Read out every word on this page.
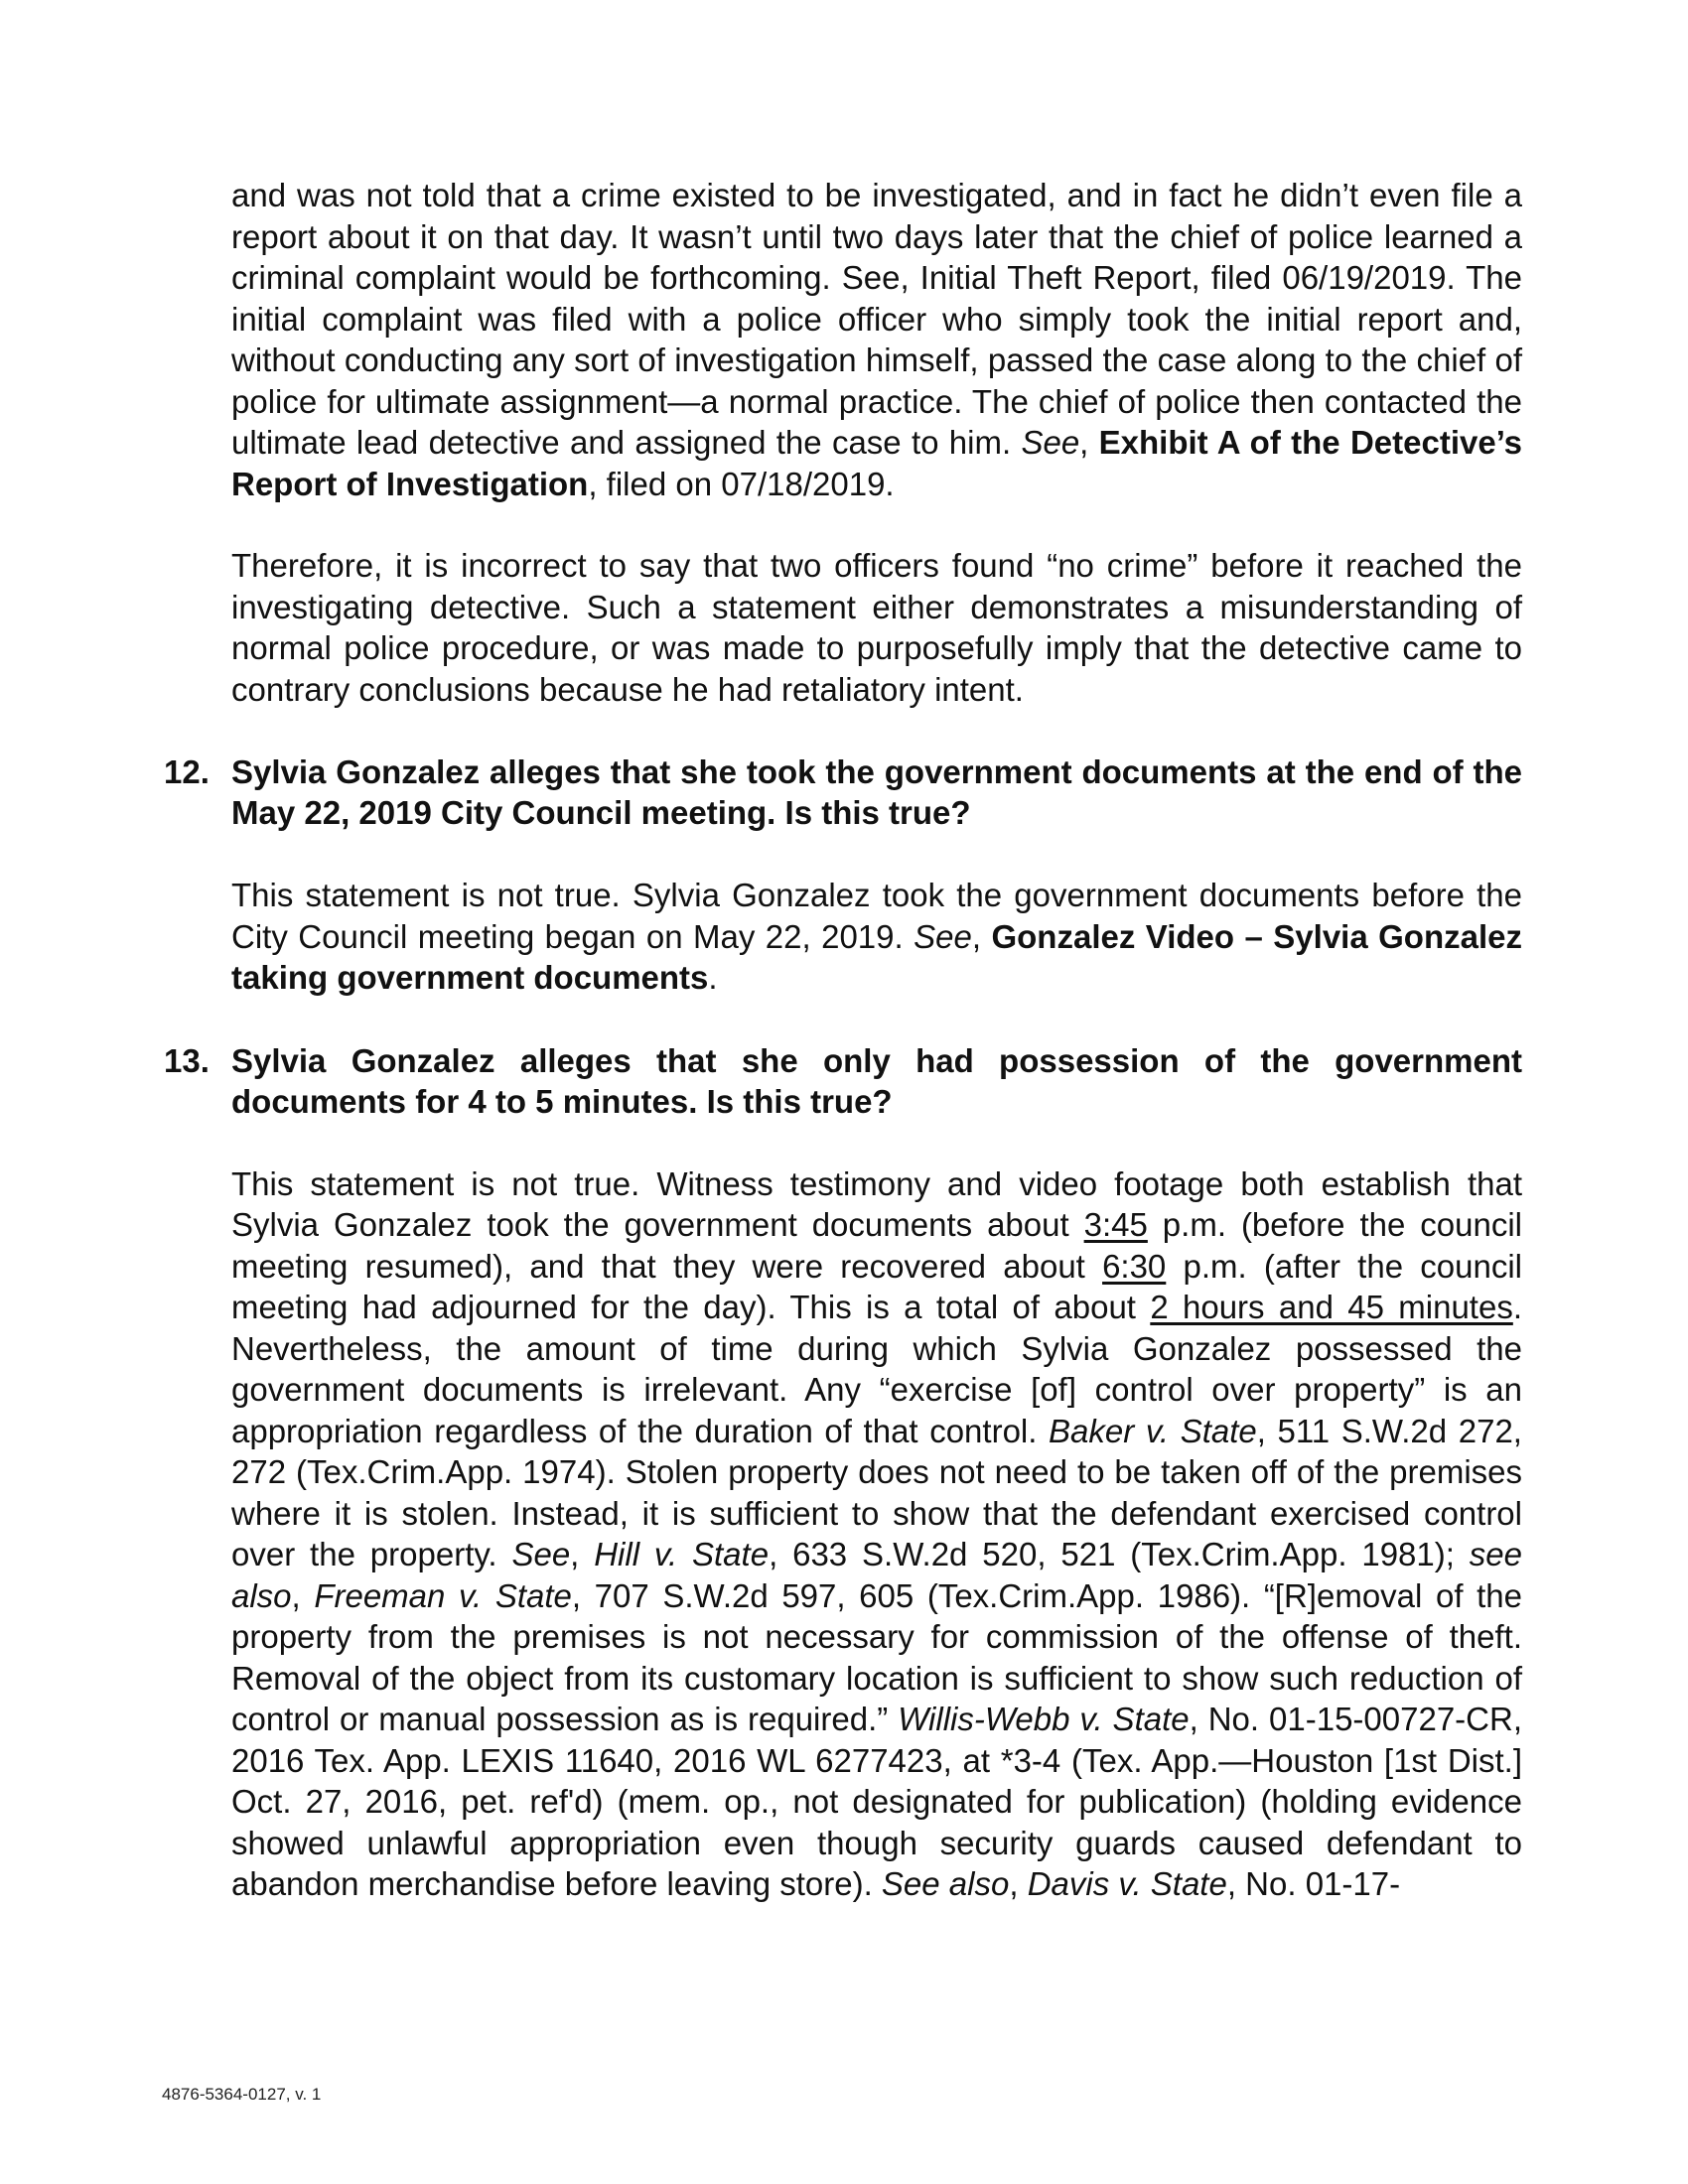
and was not told that a crime existed to be investigated, and in fact he didn’t even file a report about it on that day. It wasn’t until two days later that the chief of police learned a criminal complaint would be forthcoming. See, Initial Theft Report, filed 06/19/2019. The initial complaint was filed with a police officer who simply took the initial report and, without conducting any sort of investigation himself, passed the case along to the chief of police for ultimate assignment—a normal practice. The chief of police then contacted the ultimate lead detective and assigned the case to him. See, Exhibit A of the Detective’s Report of Investigation, filed on 07/18/2019.

Therefore, it is incorrect to say that two officers found “no crime” before it reached the investigating detective. Such a statement either demonstrates a misunderstanding of normal police procedure, or was made to purposefully imply that the detective came to contrary conclusions because he had retaliatory intent.

12. Sylvia Gonzalez alleges that she took the government documents at the end of the May 22, 2019 City Council meeting. Is this true?

This statement is not true. Sylvia Gonzalez took the government documents before the City Council meeting began on May 22, 2019. See, Gonzalez Video – Sylvia Gonzalez taking government documents.

13. Sylvia Gonzalez alleges that she only had possession of the government documents for 4 to 5 minutes. Is this true?

This statement is not true. Witness testimony and video footage both establish that Sylvia Gonzalez took the government documents about 3:45 p.m. (before the council meeting resumed), and that they were recovered about 6:30 p.m. (after the council meeting had adjourned for the day). This is a total of about 2 hours and 45 minutes. Nevertheless, the amount of time during which Sylvia Gonzalez possessed the government documents is irrelevant. Any “exercise [of] control over property” is an appropriation regardless of the duration of that control. Baker v. State, 511 S.W.2d 272, 272 (Tex.Crim.App. 1974). Stolen property does not need to be taken off of the premises where it is stolen. Instead, it is sufficient to show that the defendant exercised control over the property. See, Hill v. State, 633 S.W.2d 520, 521 (Tex.Crim.App. 1981); see also, Freeman v. State, 707 S.W.2d 597, 605 (Tex.Crim.App. 1986). “[R]emoval of the property from the premises is not necessary for commission of the offense of theft. Removal of the object from its customary location is sufficient to show such reduction of control or manual possession as is required.” Willis-Webb v. State, No. 01-15-00727-CR, 2016 Tex. App. LEXIS 11640, 2016 WL 6277423, at *3-4 (Tex. App.—Houston [1st Dist.] Oct. 27, 2016, pet. ref'd) (mem. op., not designated for publication) (holding evidence showed unlawful appropriation even though security guards caused defendant to abandon merchandise before leaving store). See also, Davis v. State, No. 01-17-

4876-5364-0127, v. 1
